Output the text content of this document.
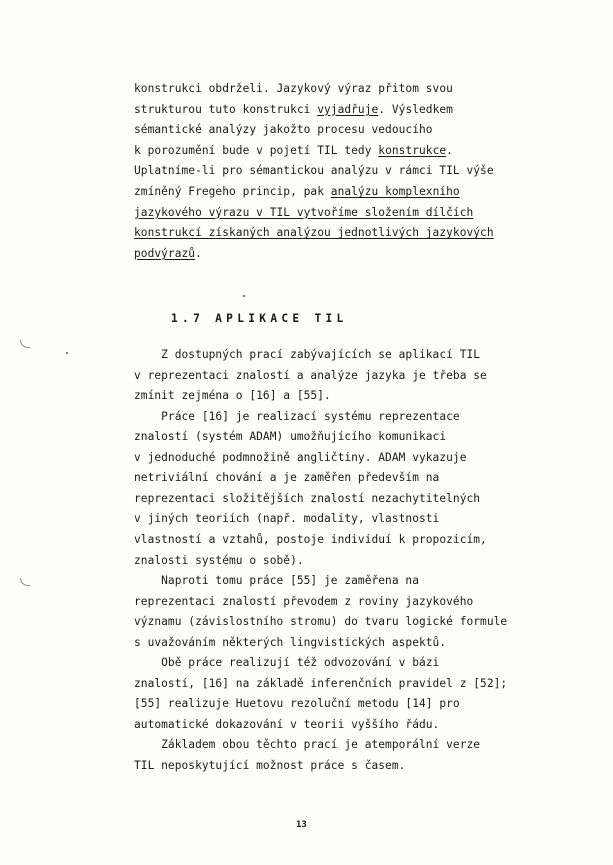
konstrukci obdrželi. Jazykový výraz přitom svou
strukturou tuto konstrukci vyjadřuje. Výsledkem
sémantické analýzy jakožto procesu vedoucího
k porozumění bude v pojetí TIL tedy konstrukce.
Uplatníme-li pro sémantickou analýzu v rámci TIL výše
zmíněný Fregeho princip, pak analýzu komplexního
jazykového výrazu v TIL vytvoříme složením dílčích
konstrukcí získaných analýzou jednotlivých jazykových
podvýrazů.
1.7 APLIKACE TIL
Z dostupných prací zabývajících se aplikací TIL
v reprezentaci znalostí a analýze jazyka je třeba se
zmínit zejména o [16] a [55].
Práce [16] je realizací systému reprezentace
znalostí (systém ADAM) umožňujícího komunikaci
v jednoduché podmnožině angličtiny. ADAM vykazuje
netriviální chování a je zaměřen především na
reprezentaci složitějších znalostí nezachytitelných
v jiných teoriích (např. modality, vlastnosti
vlastností a vztahů, postoje individuí k propozicím,
znalosti systému o sobě).
Naproti tomu práce [55] je zaměřena na
reprezentaci znalostí převodem z roviny jazykového
významu (závislostního stromu) do tvaru logické formule
s uvažováním některých lingvistických aspektů.
Obě práce realizují též odvozování v bázi
znalostí, [16] na základě inferenčních pravidel z [52];
[55] realizuje Huetovu rezoluční metodu [14] pro
automatické dokazování v teorii vyššího řádu.
Základem obou těchto prací je atemporální verze
TIL neposkytující možnost práce s časem.
13
